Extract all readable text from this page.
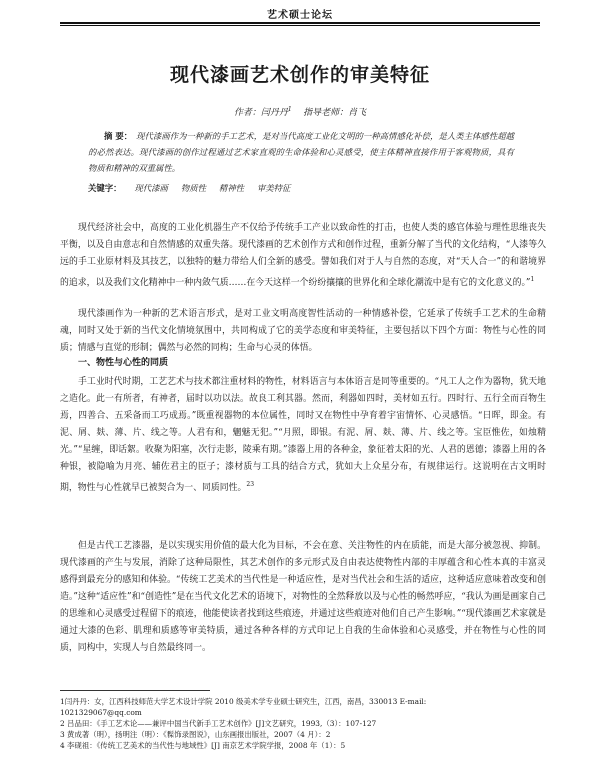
艺术硕士论坛
现代漆画艺术创作的审美特征
作者：闫丹丹$^1$ 指导老师：肖飞

摘 要： 现代漆画作为一种新的手工艺术，是对当代高度工业化文明的一种高情感化补偿，是人类主体感性超越的必然表达。现代漆画的创作过程通过艺术家直观的生命体验和心灵感受，使主体精神直接作用于客观物质，具有物质和精神的双重属性。

关键字： 现代漆画 物质性 精神性 审美特征

现代经济社会中，高度的工业化机器生产不仅给予传统手工产业以致命性的打击，也使人类的感官体验与理性思维丧失平衡，以及自由意志和自然情感的双重失落。现代漆画的艺术创作方式和创作过程，重新分解了当代的文化结构，“人漆等久远的手工业原材料及其技艺，以独特的魅力带给人们全新的感受。譬如我们对于人与自然的态度，对“天人合一”的和谐境界的追求，以及我们文化精神中一种内敛气质……在今天这样一个纷纷攘攘的世界化和全球化潮流中是有它的文化意义的。”$^1$

现代漆画作为一种新的艺术语言形式，是对工业文明高度智性活动的一种情感补偿，它延承了传统手工艺术的生命精魂，同时又处于新的当代文化情境氛围中，共同构成了它的美学态度和审美特征，主要包括以下四个方面：物性与心性的同质；情感与直觉的形制；偶然与必然的同构；生命与心灵的体悟。

一、物性与心性的同质

手工业时代时期，工艺艺术与技术都注重材料的物性，材料语言与本体语言是同等重要的。“凡工人之作为器物，犹天地之造化。此一有所者，有神者，届时以功以法。故良工利其器。然而，利器如四时，美材如五行。四时行、五行全而百物生焉，四善合、五采备而工巧成焉。”既重视器物的本位属性，同时又在物性中孕育着宇宙情怀、心灵感悟。“日晖，即金。有泥、屑、麸、薄、片、线之等。人君有和，魍魅无犯。”“月照，即银。有泥、屑、麸、薄、片、线之等。宝臣惟佐，如烛精光。”“星缠，即话絮。收聚为阳塞，次行走影，陵乘有期。”漆器上用的各种金，象征着太阳的光、人君的恩德；漆器上用的各种银，被隐喻为月亮、辅佐君主的臣子；漆材质与工具的结合方式，犹如大上众星分布，有规律运行。这说明在古文明时期，物性与心性就早已被契合为一、同质同性。$^{23}$

但是古代工艺漆器，是以实现实用价值的最大化为目标，不会在意、关注物性的内在质能，而是大部分被忽视、抑制。现代漆画的产生与发展，消除了这种局限性，其艺术创作的多元形式及自由表达使物性内部的丰厚蕴含和心性本真的丰富灵感得到最充分的感知和体验。“传统工艺美术的当代性是一种适应性，是对当代社会和生活的适应，这种适应意味着改变和创造。”这种“适应性”和“创造性”是在当代文化艺术的语境下，对物性的全然释放以及与心性的畅然呼应，“我认为画是画家自己的思维和心灵感受过程留下的痕迹，他能使读者找到这些痕迹，并通过这些痕迹对他们自己产生影响。”“现代漆画艺术家就是通过大漆的色彩、肌理和质感等审美特质，通过各种各样的方式印记上自我的生命体验和心灵感受，并在物性与心性的同质，同构中，实现人与自然最终同一。

1闫丹丹：女，江西科技师范大学艺术设计学院 2010 级美术学专业硕士研究生，江西，南昌，330013 E-mail:
1021329067@qq.com

2 吕品田：《手工艺术论——兼评中国当代新手工艺术创作》[J]文艺研究，1993,（3）：107-127

3 黄成著（明），扬明注（明）：《髹饰录图说》，山东画报出版社，2007（4 月）：2

4 李砚祖：《传统工艺美术的当代性与地域性》[J] 南京艺术学院学报，2008 年（1）：5
